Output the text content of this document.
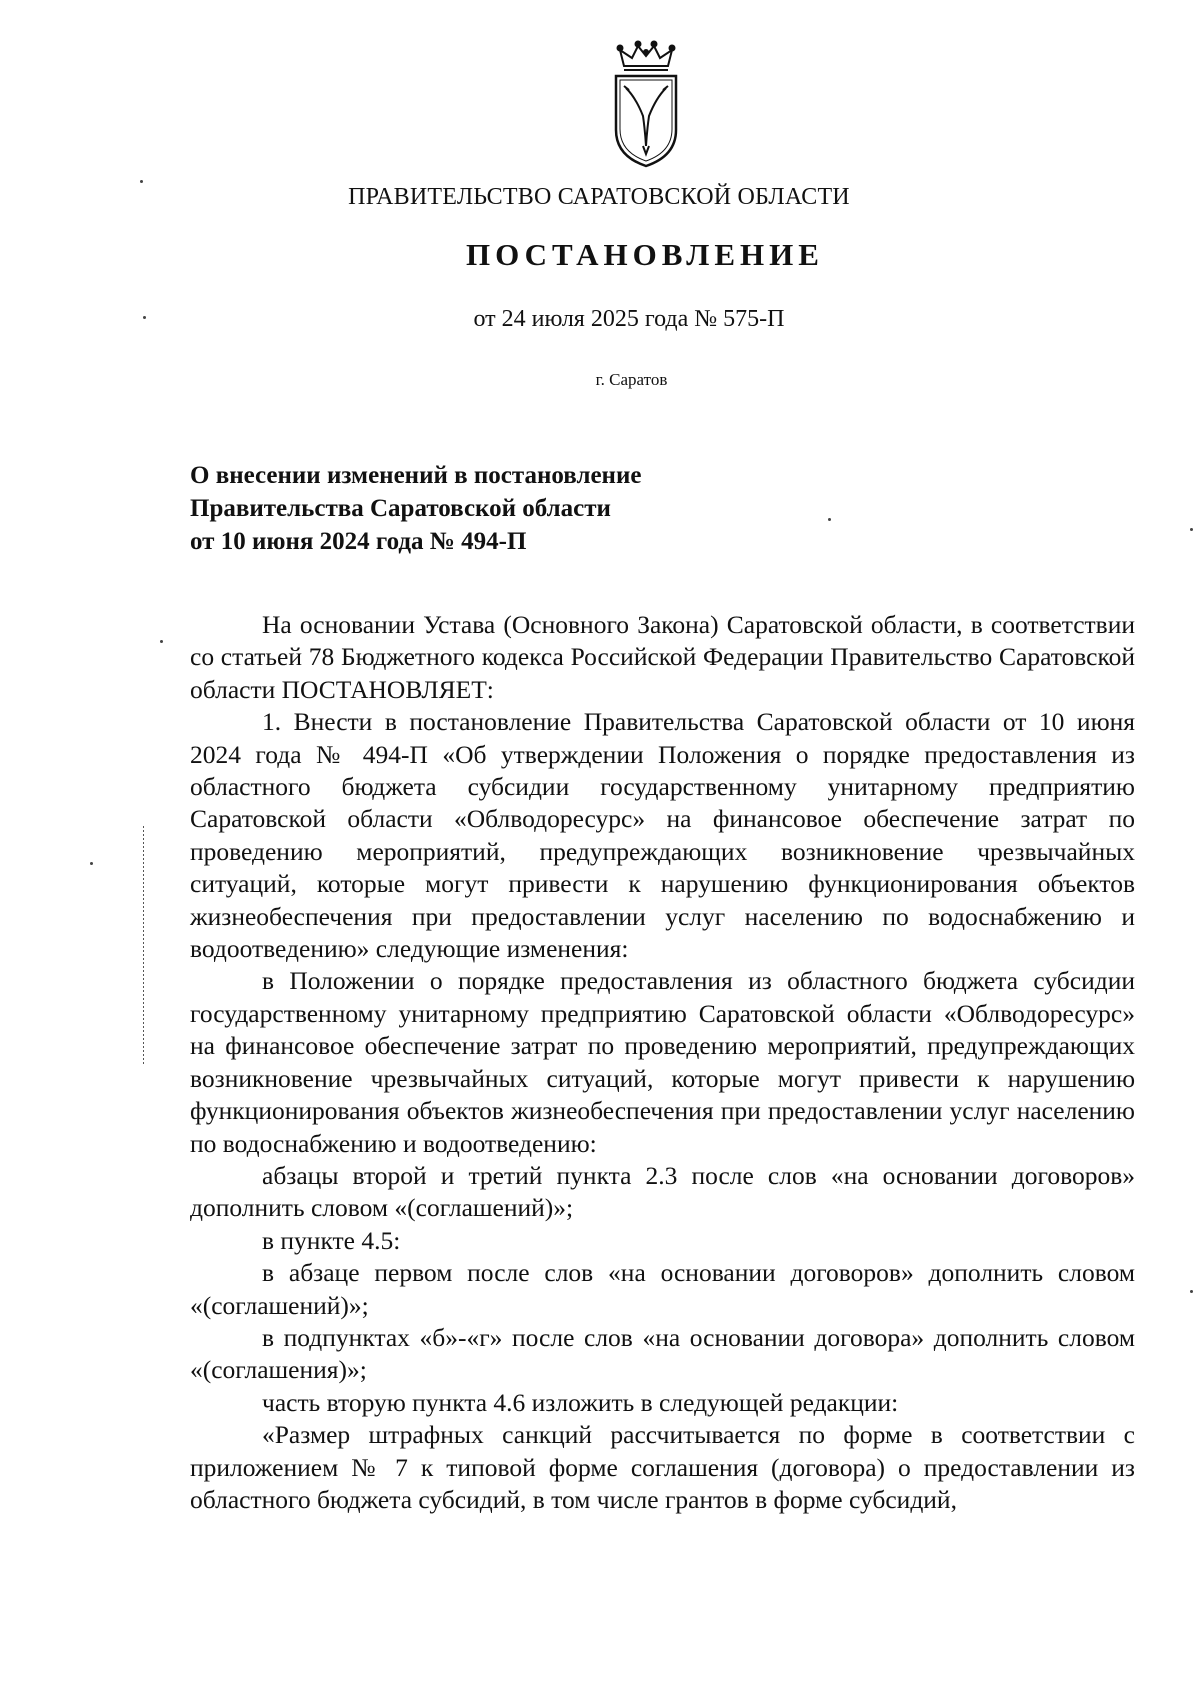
ПРАВИТЕЛЬСТВО САРАТОВСКОЙ ОБЛАСТИ
ПОСТАНОВЛЕНИЕ
от 24 июля 2025 года № 575-П
г. Саратов
О внесении изменений в постановление
Правительства Саратовской области
от 10 июня 2024 года № 494-П

На основании Устава (Основного Закона) Саратовской области, в соответствии со статьей 78 Бюджетного кодекса Российской Федерации Правительство Саратовской области ПОСТАНОВЛЯЕТ:

1. Внести в постановление Правительства Саратовской области от 10 июня 2024 года № 494-П «Об утверждении Положения о порядке предоставления из областного бюджета субсидии государственному унитарному предприятию Саратовской области «Облводоресурс» на финансовое обеспечение затрат по проведению мероприятий, предупреждающих возникновение чрезвычайных ситуаций, которые могут привести к нарушению функционирования объектов жизнеобеспечения при предоставлении услуг населению по водоснабжению и водоотведению» следующие изменения:

в Положении о порядке предоставления из областного бюджета субсидии государственному унитарному предприятию Саратовской области «Облводоресурс» на финансовое обеспечение затрат по проведению мероприятий, предупреждающих возникновение чрезвычайных ситуаций, которые могут привести к нарушению функционирования объектов жизнеобеспечения при предоставлении услуг населению по водоснабжению и водоотведению:

абзацы второй и третий пункта 2.3 после слов «на основании договоров» дополнить словом «(соглашений)»;

в пункте 4.5:

в абзаце первом после слов «на основании договоров» дополнить словом «(соглашений)»;

в подпунктах «б»-«г» после слов «на основании договора» дополнить словом «(соглашения)»;

часть вторую пункта 4.6 изложить в следующей редакции:

«Размер штрафных санкций рассчитывается по форме в соответствии с приложением № 7 к типовой форме соглашения (договора) о предоставлении из областного бюджета субсидий, в том числе грантов в форме субсидий,
